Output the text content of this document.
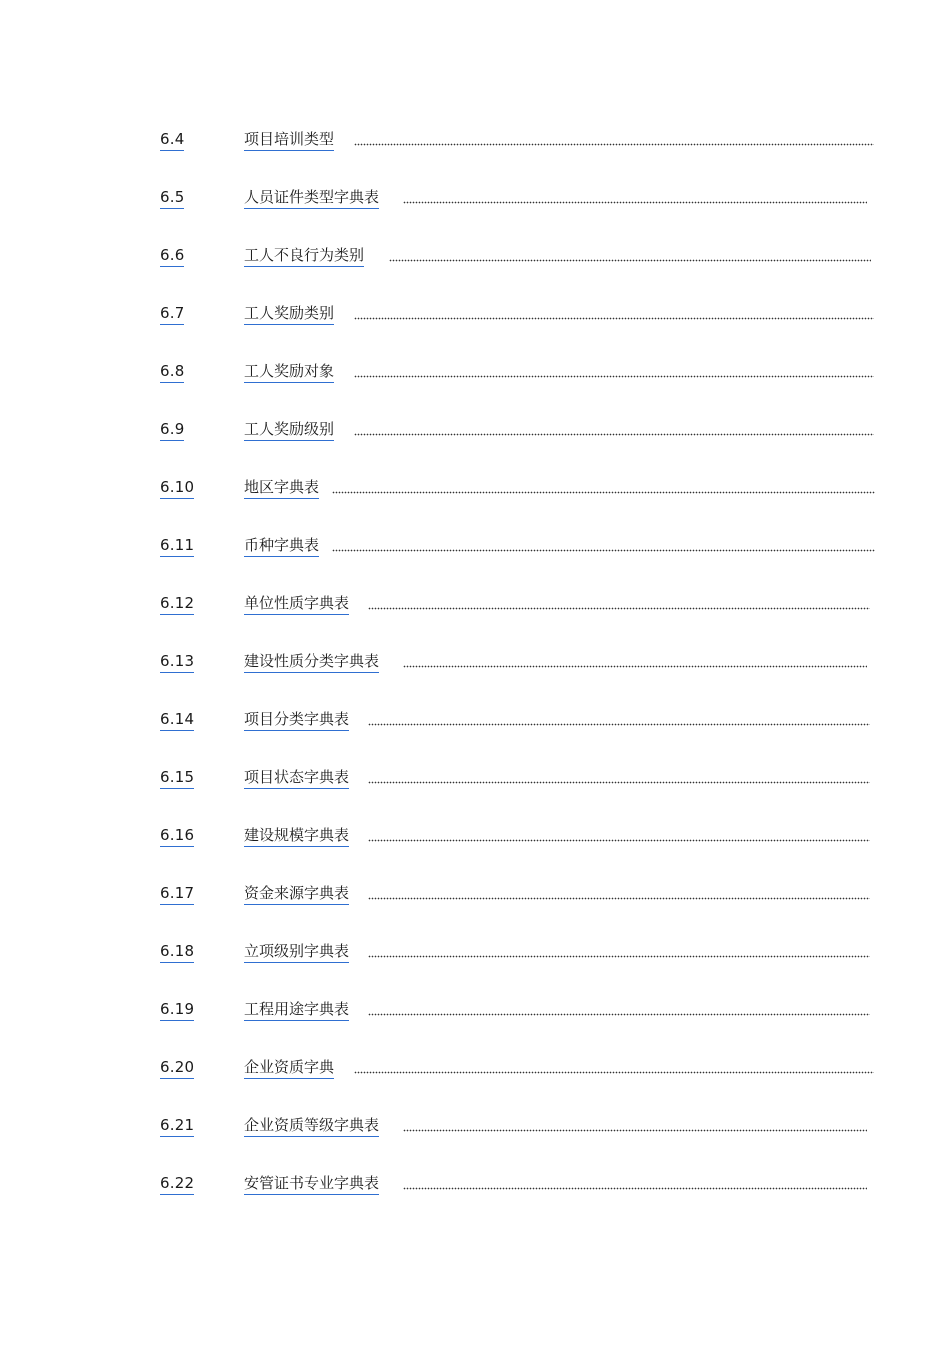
6.4	项目培训类型
6.5	人员证件类型字典表
6.6	工人不良行为类别
6.7	工人奖励类别
6.8	工人奖励对象
6.9	工人奖励级别
6.10	地区字典表
6.11	币种字典表
6.12	单位性质字典表
6.13	建设性质分类字典表
6.14	项目分类字典表
6.15	项目状态字典表
6.16	建设规模字典表
6.17	资金来源字典表
6.18	立项级别字典表
6.19	工程用途字典表
6.20	企业资质字典
6.21	企业资质等级字典表
6.22	安管证书专业字典表
